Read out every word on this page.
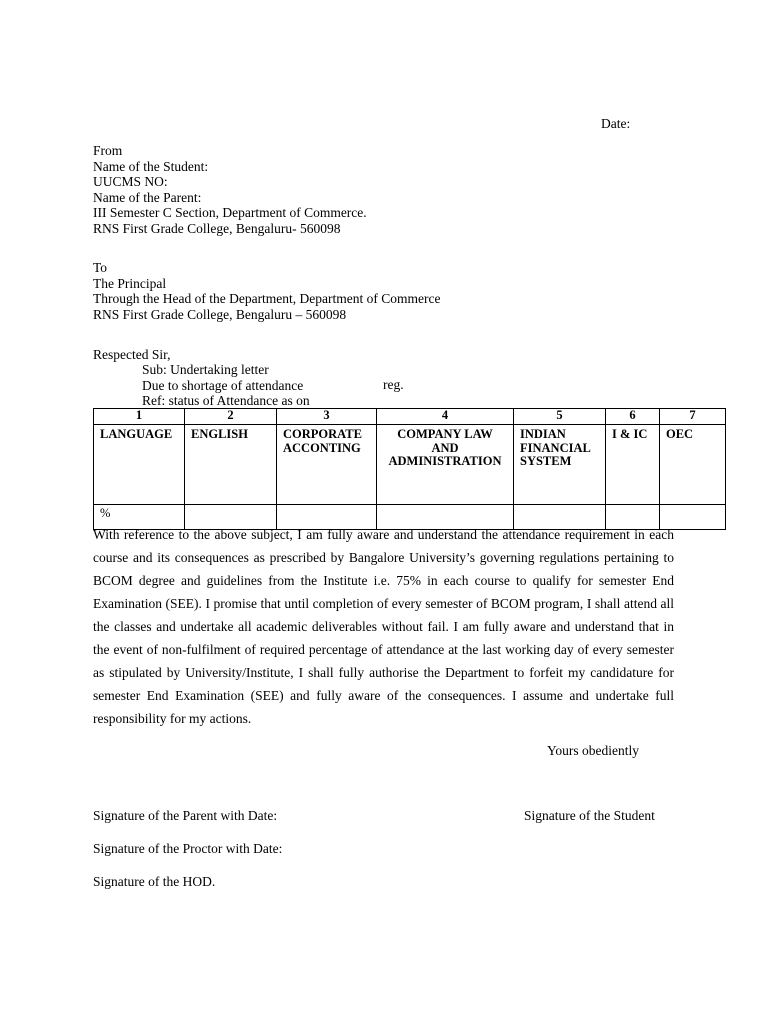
Date:
From
Name of the Student:
UUCMS NO:
Name of the Parent:
III Semester C Section, Department of Commerce.
RNS First Grade College, Bengaluru- 560098
To
The Principal
Through the Head of the Department, Department of Commerce
RNS First Grade College, Bengaluru – 560098
Respected Sir,
Sub: Undertaking letter
Due to shortage of attendance
Ref: status of Attendance as on
reg.
1	2	3	4	5	6	7
LANGUAGE	ENGLISH	CORPORATE ACCONTING	COMPANY LAW AND ADMINISTRATION	INDIAN FINANCIAL SYSTEM	I & IC	OEC
%						
With reference to the above subject, I am fully aware and understand the attendance requirement in each course and its consequences as prescribed by Bangalore University’s governing regulations pertaining to BCOM degree and guidelines from the Institute i.e. 75% in each course to qualify for semester End Examination (SEE). I promise that until completion of every semester of BCOM program, I shall attend all the classes and undertake all academic deliverables without fail. I am fully aware and understand that in the event of non-fulfilment of required percentage of attendance at the last working day of every semester as stipulated by University/Institute, I shall fully authorise the Department to forfeit my candidature for semester End Examination (SEE) and fully aware of the consequences. I assume and undertake full responsibility for my actions.
Yours obediently
Signature of the Parent with Date:	Signature of the Student
Signature of the Proctor with Date:
Signature of the HOD.
